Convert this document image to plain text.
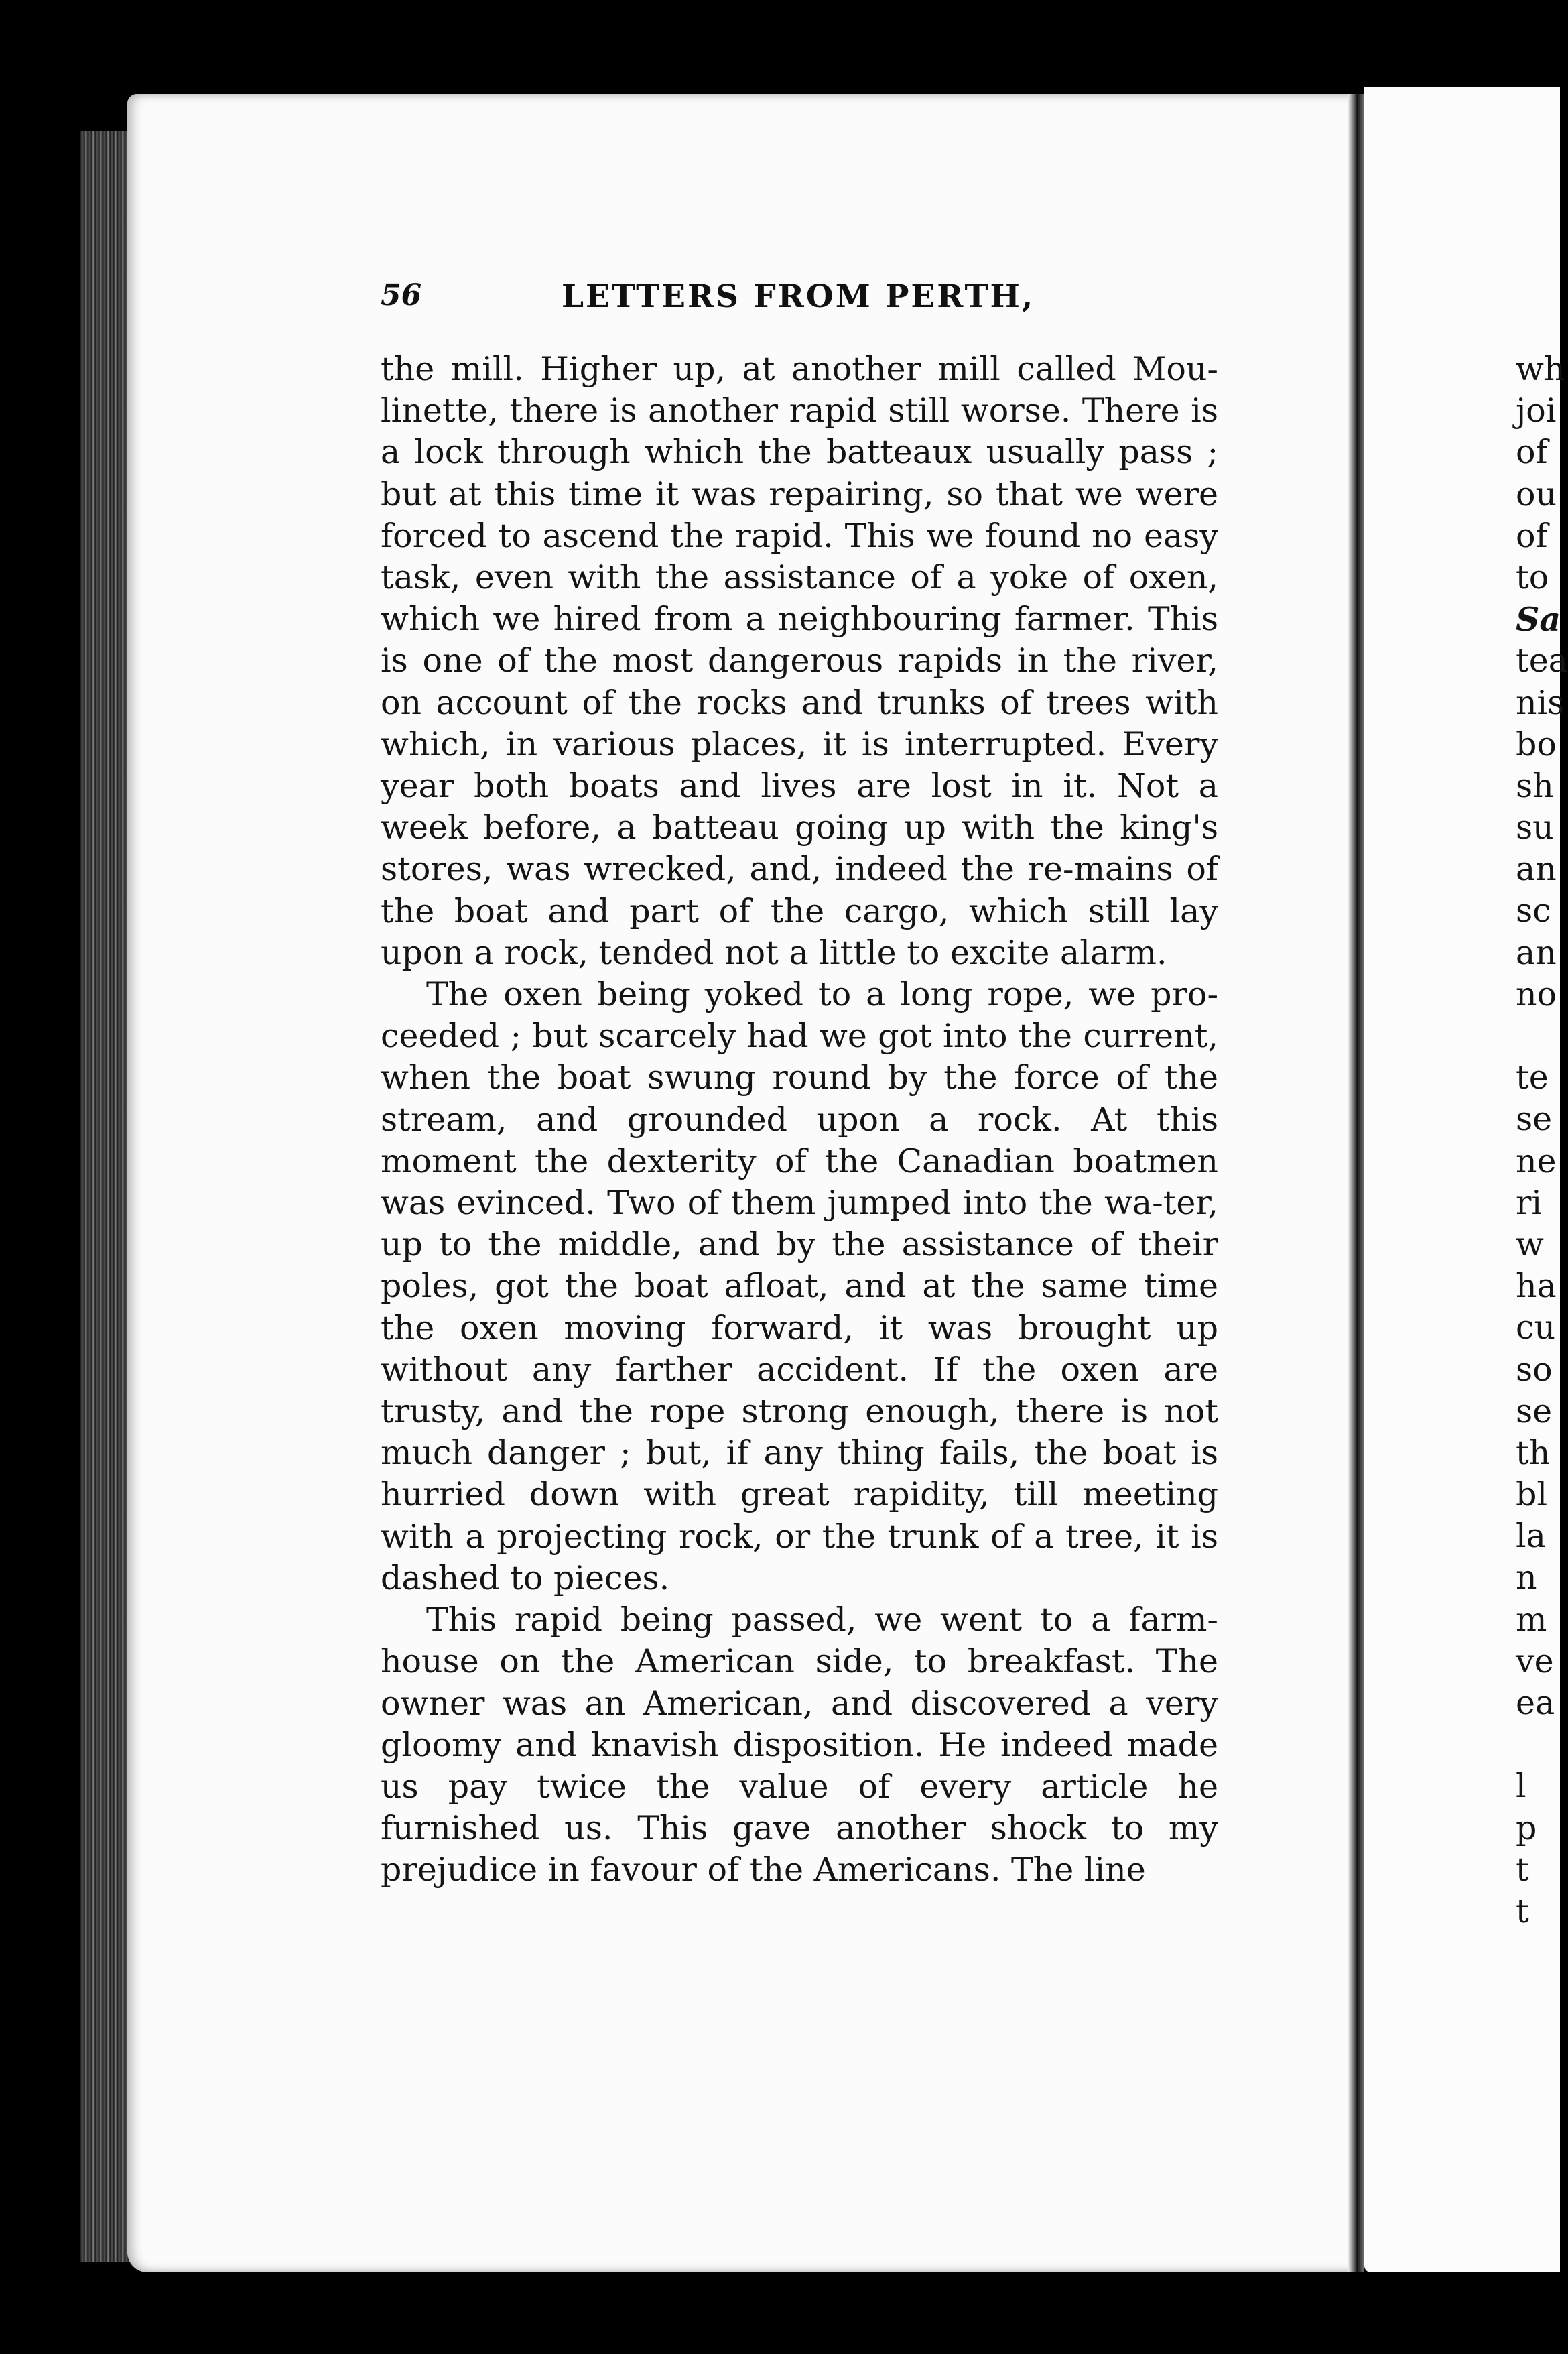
56	LETTERS FROM PERTH,

the mill. Higher up, at another mill called Mou-linette, there is another rapid still worse. There is a lock through which the batteaux usually pass ; but at this time it was repairing, so that we were forced to ascend the rapid. This we found no easy task, even with the assistance of a yoke of oxen, which we hired from a neighbouring farmer. This is one of the most dangerous rapids in the river, on account of the rocks and trunks of trees with which, in various places, it is interrupted. Every year both boats and lives are lost in it. Not a week before, a batteau going up with the king's stores, was wrecked, and, indeed the re-mains of the boat and part of the cargo, which still lay upon a rock, tended not a little to excite alarm.

The oxen being yoked to a long rope, we pro-ceeded ; but scarcely had we got into the current, when the boat swung round by the force of the stream, and grounded upon a rock. At this moment the dexterity of the Canadian boatmen was evinced. Two of them jumped into the wa-ter, up to the middle, and by the assistance of their poles, got the boat afloat, and at the same time the oxen moving forward, it was brought up without any farther accident. If the oxen are trusty, and the rope strong enough, there is not much danger ; but, if any thing fails, the boat is hurried down with great rapidity, till meeting with a projecting rock, or the trunk of a tree, it is dashed to pieces.

This rapid being passed, we went to a farm-house on the American side, to breakfast. The owner was an American, and discovered a very gloomy and knavish disposition. He indeed made us pay twice the value of every article he furnished us. This gave another shock to my prejudice in favour of the Americans. The line

wh
joi
of
ou
of
to
Sa
tea
nis
bo
sh
su
an
sc
an
no
te
se
ne
ri
w
ha
cu
so
se
th
bl
la
n
m
ve
ea
l
p
t
t
